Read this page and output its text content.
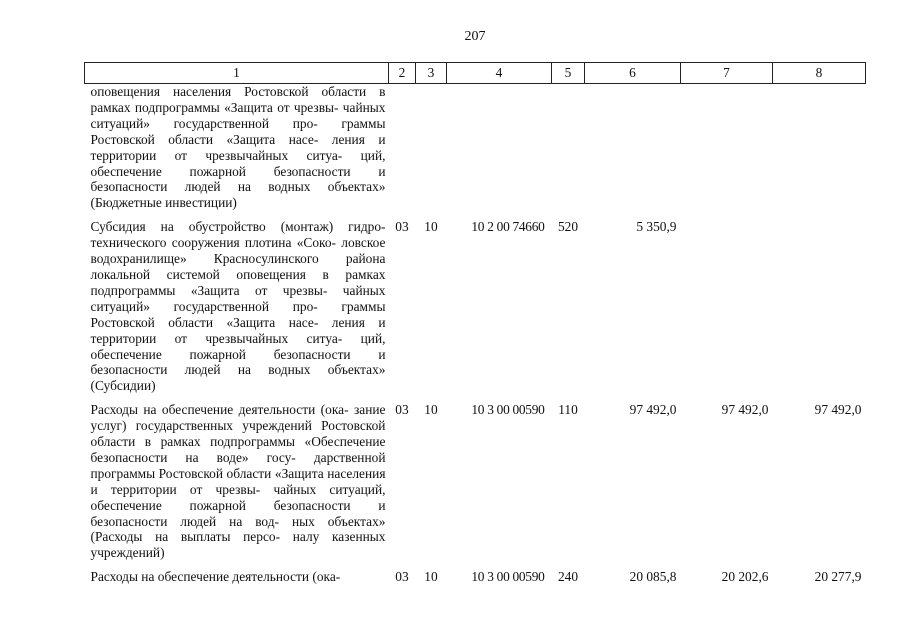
207
1	2	3	4	5	6	7	8
оповещения населения Ростовской области в рамках подпрограммы «Защита от чрезвы- чайных ситуаций» государственной про- граммы Ростовской области «Защита насе- ления и территории от чрезвычайных ситуа- ций, обеспечение пожарной безопасности и безопасности людей на водных объектах» (Бюджетные инвестиции)							
Субсидия на обустройство (монтаж) гидро- технического сооружения плотина «Соко- ловское водохранилище» Красносулинского района локальной системой оповещения в рамках подпрограммы «Защита от чрезвы- чайных ситуаций» государственной про- граммы Ростовской области «Защита насе- ления и территории от чрезвычайных ситуа- ций, обеспечение пожарной безопасности и безопасности людей на водных объектах» (Субсидии)	03	10	10 2 00 74660	520	5 350,9		
Расходы на обеспечение деятельности (ока- зание услуг) государственных учреждений Ростовской области в рамках подпрограммы «Обеспечение безопасности на воде» госу- дарственной программы Ростовской области «Защита населения и территории от чрезвы- чайных ситуаций, обеспечение пожарной безопасности и безопасности людей на вод- ных объектах» (Расходы на выплаты персо- налу казенных учреждений)	03	10	10 3 00 00590	110	97 492,0	97 492,0	97 492,0
Расходы на обеспечение деятельности (ока-	03	10	10 3 00 00590	240	20 085,8	20 202,6	20 277,9
